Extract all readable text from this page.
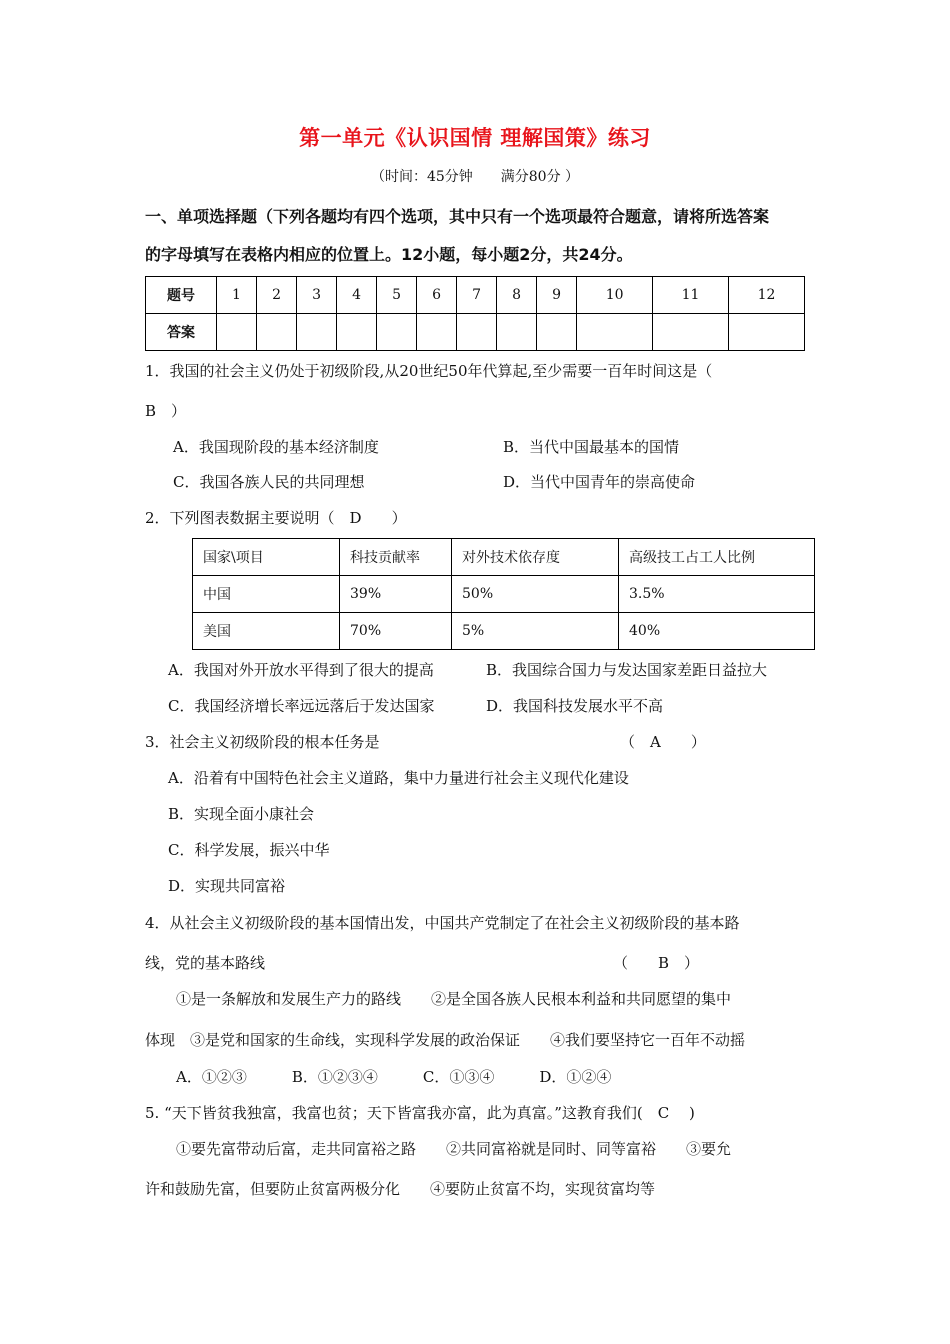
第一单元《认识国情 理解国策》练习
（时间：45分钟　　满分80分 ）
一、单项选择题（下列各题均有四个选项，其中只有一个选项最符合题意，请将所选答案
的字母填写在表格内相应的位置上。12小题，每小题2分，共24分。
题号	1	2	3	4	5	6	7	8	9	10	11	12
答案												
1．我国的社会主义仍处于初级阶段,从20世纪50年代算起,至少需要一百年时间这是（
B　）
A．我国现阶段的基本经济制度	B．当代中国最基本的国情
C．我国各族人民的共同理想	D．当代中国青年的崇高使命
2．下列图表数据主要说明（　D　　）
国家\项目	科技贡献率	对外技术依存度	高级技工占工人比例
中国	39%	50%	3.5%
美国	70%	5%	40%
A．我国对外开放水平得到了很大的提高	B．我国综合国力与发达国家差距日益拉大
C．我国经济增长率远远落后于发达国家	D．我国科技发展水平不高
3．社会主义初级阶段的根本任务是	（　A　　）
A．沿着有中国特色社会主义道路，集中力量进行社会主义现代化建设
B．实现全面小康社会
C．科学发展，振兴中华
D．实现共同富裕
4．从社会主义初级阶段的基本国情出发，中国共产党制定了在社会主义初级阶段的基本路
线，党的基本路线	（　　B　）
①是一条解放和发展生产力的路线　　②是全国各族人民根本利益和共同愿望的集中
体现　③是党和国家的生命线，实现科学发展的政治保证　　④我们要坚持它一百年不动摇
A．①②③　　　B．①②③④　　　C．①③④　　　D．①②④
5. “天下皆贫我独富，我富也贫；天下皆富我亦富，此为真富。”这教育我们(　C　 )
①要先富带动后富，走共同富裕之路　　②共同富裕就是同时、同等富裕　　③要允
许和鼓励先富，但要防止贫富两极分化　　④要防止贫富不均，实现贫富均等
